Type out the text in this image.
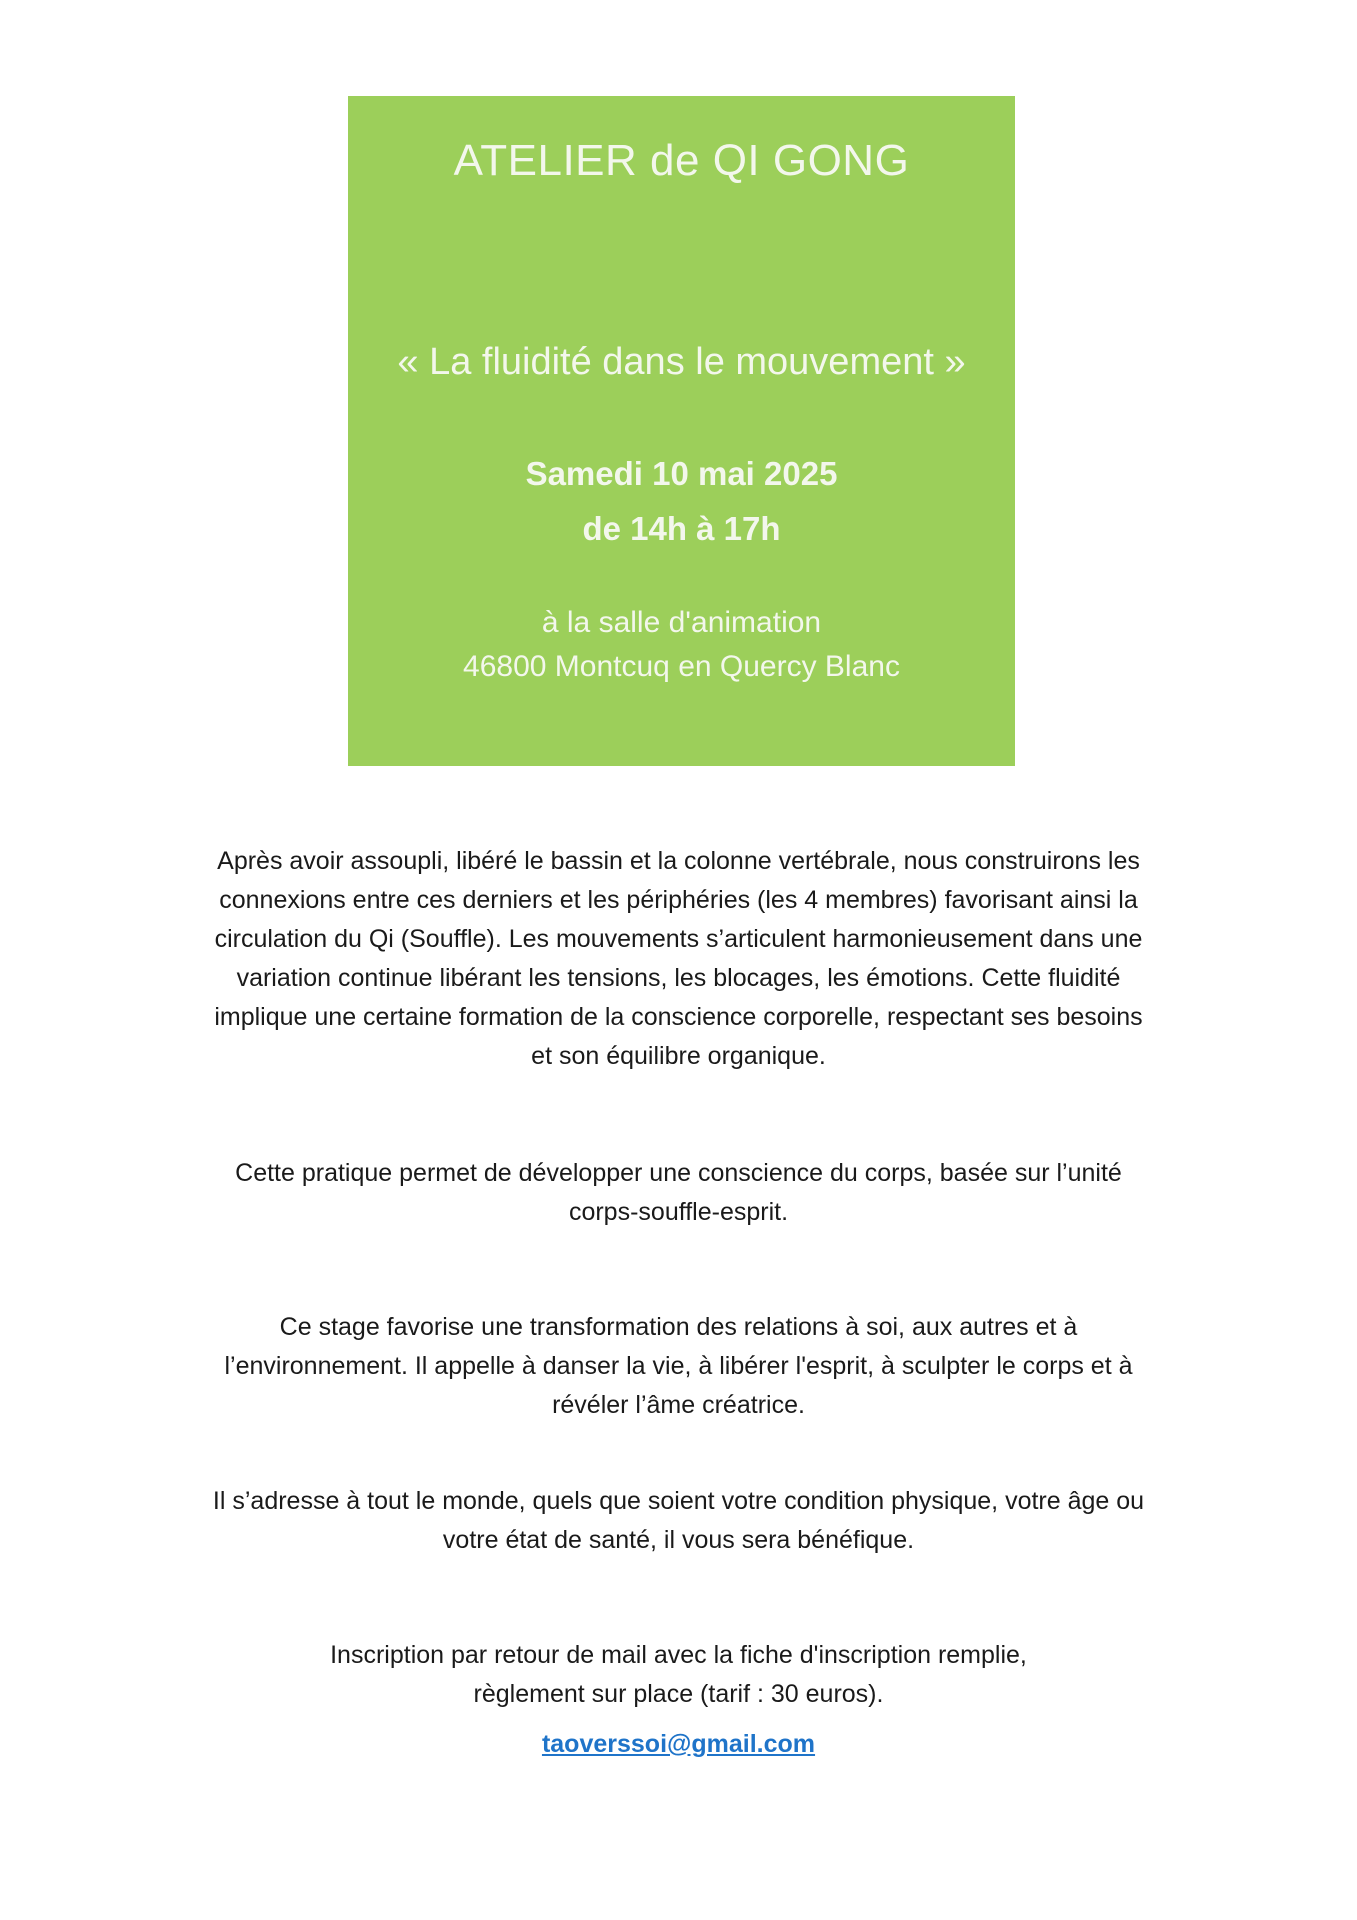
ATELIER de QI GONG
« La fluidité dans le mouvement »
Samedi 10 mai 2025
de 14h à 17h
à la salle d'animation
46800 Montcuq en Quercy Blanc

Après avoir assoupli, libéré le bassin et la colonne vertébrale, nous construirons les
connexions entre ces derniers et les périphéries (les 4 membres) favorisant ainsi la
circulation du Qi (Souffle). Les mouvements s’articulent harmonieusement dans une
variation continue libérant les tensions, les blocages, les émotions. Cette fluidité
implique une certaine formation de la conscience corporelle, respectant ses besoins
et son équilibre organique.

Cette pratique permet de développer une conscience du corps, basée sur l’unité
corps-souffle-esprit.

Ce stage favorise une transformation des relations à soi, aux autres et à
l’environnement. Il appelle à danser la vie, à libérer l'esprit, à sculpter le corps et à
révéler l’âme créatrice.

Il s’adresse à tout le monde, quels que soient votre condition physique, votre âge ou
votre état de santé, il vous sera bénéfique.

Inscription par retour de mail avec la fiche d'inscription remplie,
règlement sur place (tarif : 30 euros).

taoverssoi@gmail.com
